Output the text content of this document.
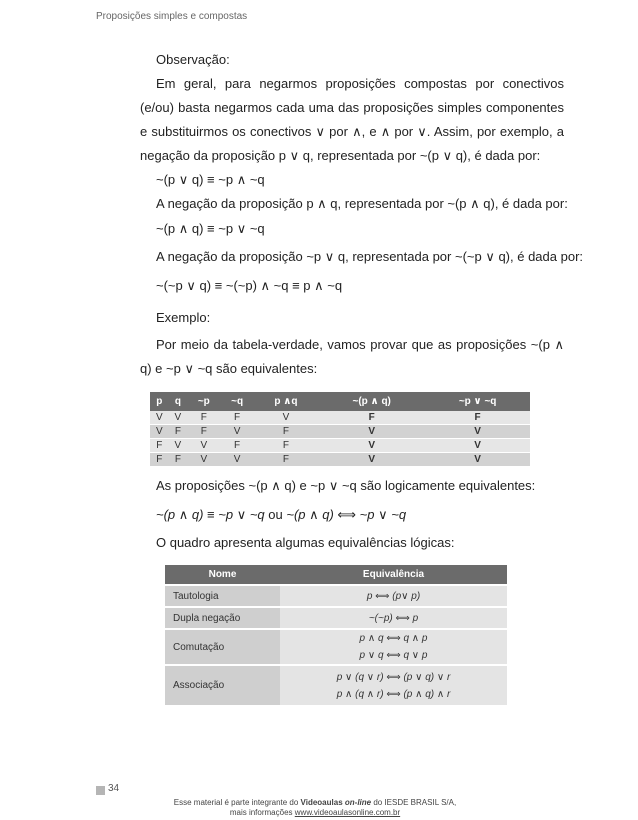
Proposições simples e compostas
Observação:
Em geral, para negarmos proposições compostas por conectivos (e/ou) basta negarmos cada uma das proposições simples componentes e substituirmos os conectivos ∨ por ∧, e ∧ por ∨. Assim, por exemplo, a negação da proposição p ∨ q, representada por ~(p ∨ q), é dada por:
~(p ∨ q) ≡ ~p ∧ ~q
A negação da proposição p ∧ q, representada por ~(p ∧ q), é dada por:
~(p ∧ q) ≡ ~p ∨ ~q
A negação da proposição ~p ∨ q, representada por ~(~p ∨ q), é dada por:
~(~p ∨ q) ≡ ~(~p) ∧ ~q ≡ p ∧ ~q
Exemplo:
Por meio da tabela-verdade, vamos provar que as proposições ~(p ∧ q) e ~p ∨ ~q são equivalentes:
p	q	~p	~q	p ∧q	~(p ∧ q)	~p ∨ ~q
V	V	F	F	V	F	F
V	F	F	V	F	V	V
F	V	V	F	F	V	V
F	F	V	V	F	V	V
As proposições ~(p ∧ q) e ~p ∨ ~q são logicamente equivalentes:
~(p ∧ q) ≡ ~p ∨ ~q ou ~(p ∧ q) ⟺ ~p ∨ ~q
O quadro apresenta algumas equivalências lógicas:
Nome	Equivalência
Tautologia	p ⟺ (p∨ p)

Dupla negação	~(~p) ⟺ p

Comutação	p ∧ q ⟺ q ∧ p
p ∨ q ⟺ q ∨ p

Associação	p ∨ (q ∨ r) ⟺ (p ∨ q) ∨ r
p ∧ (q ∧ r) ⟺ (p ∧ q) ∧ r
34
Esse material é parte integrante do Videoaulas on-line do IESDE BRASIL S/A,
mais informações www.videoaulasonline.com.br
